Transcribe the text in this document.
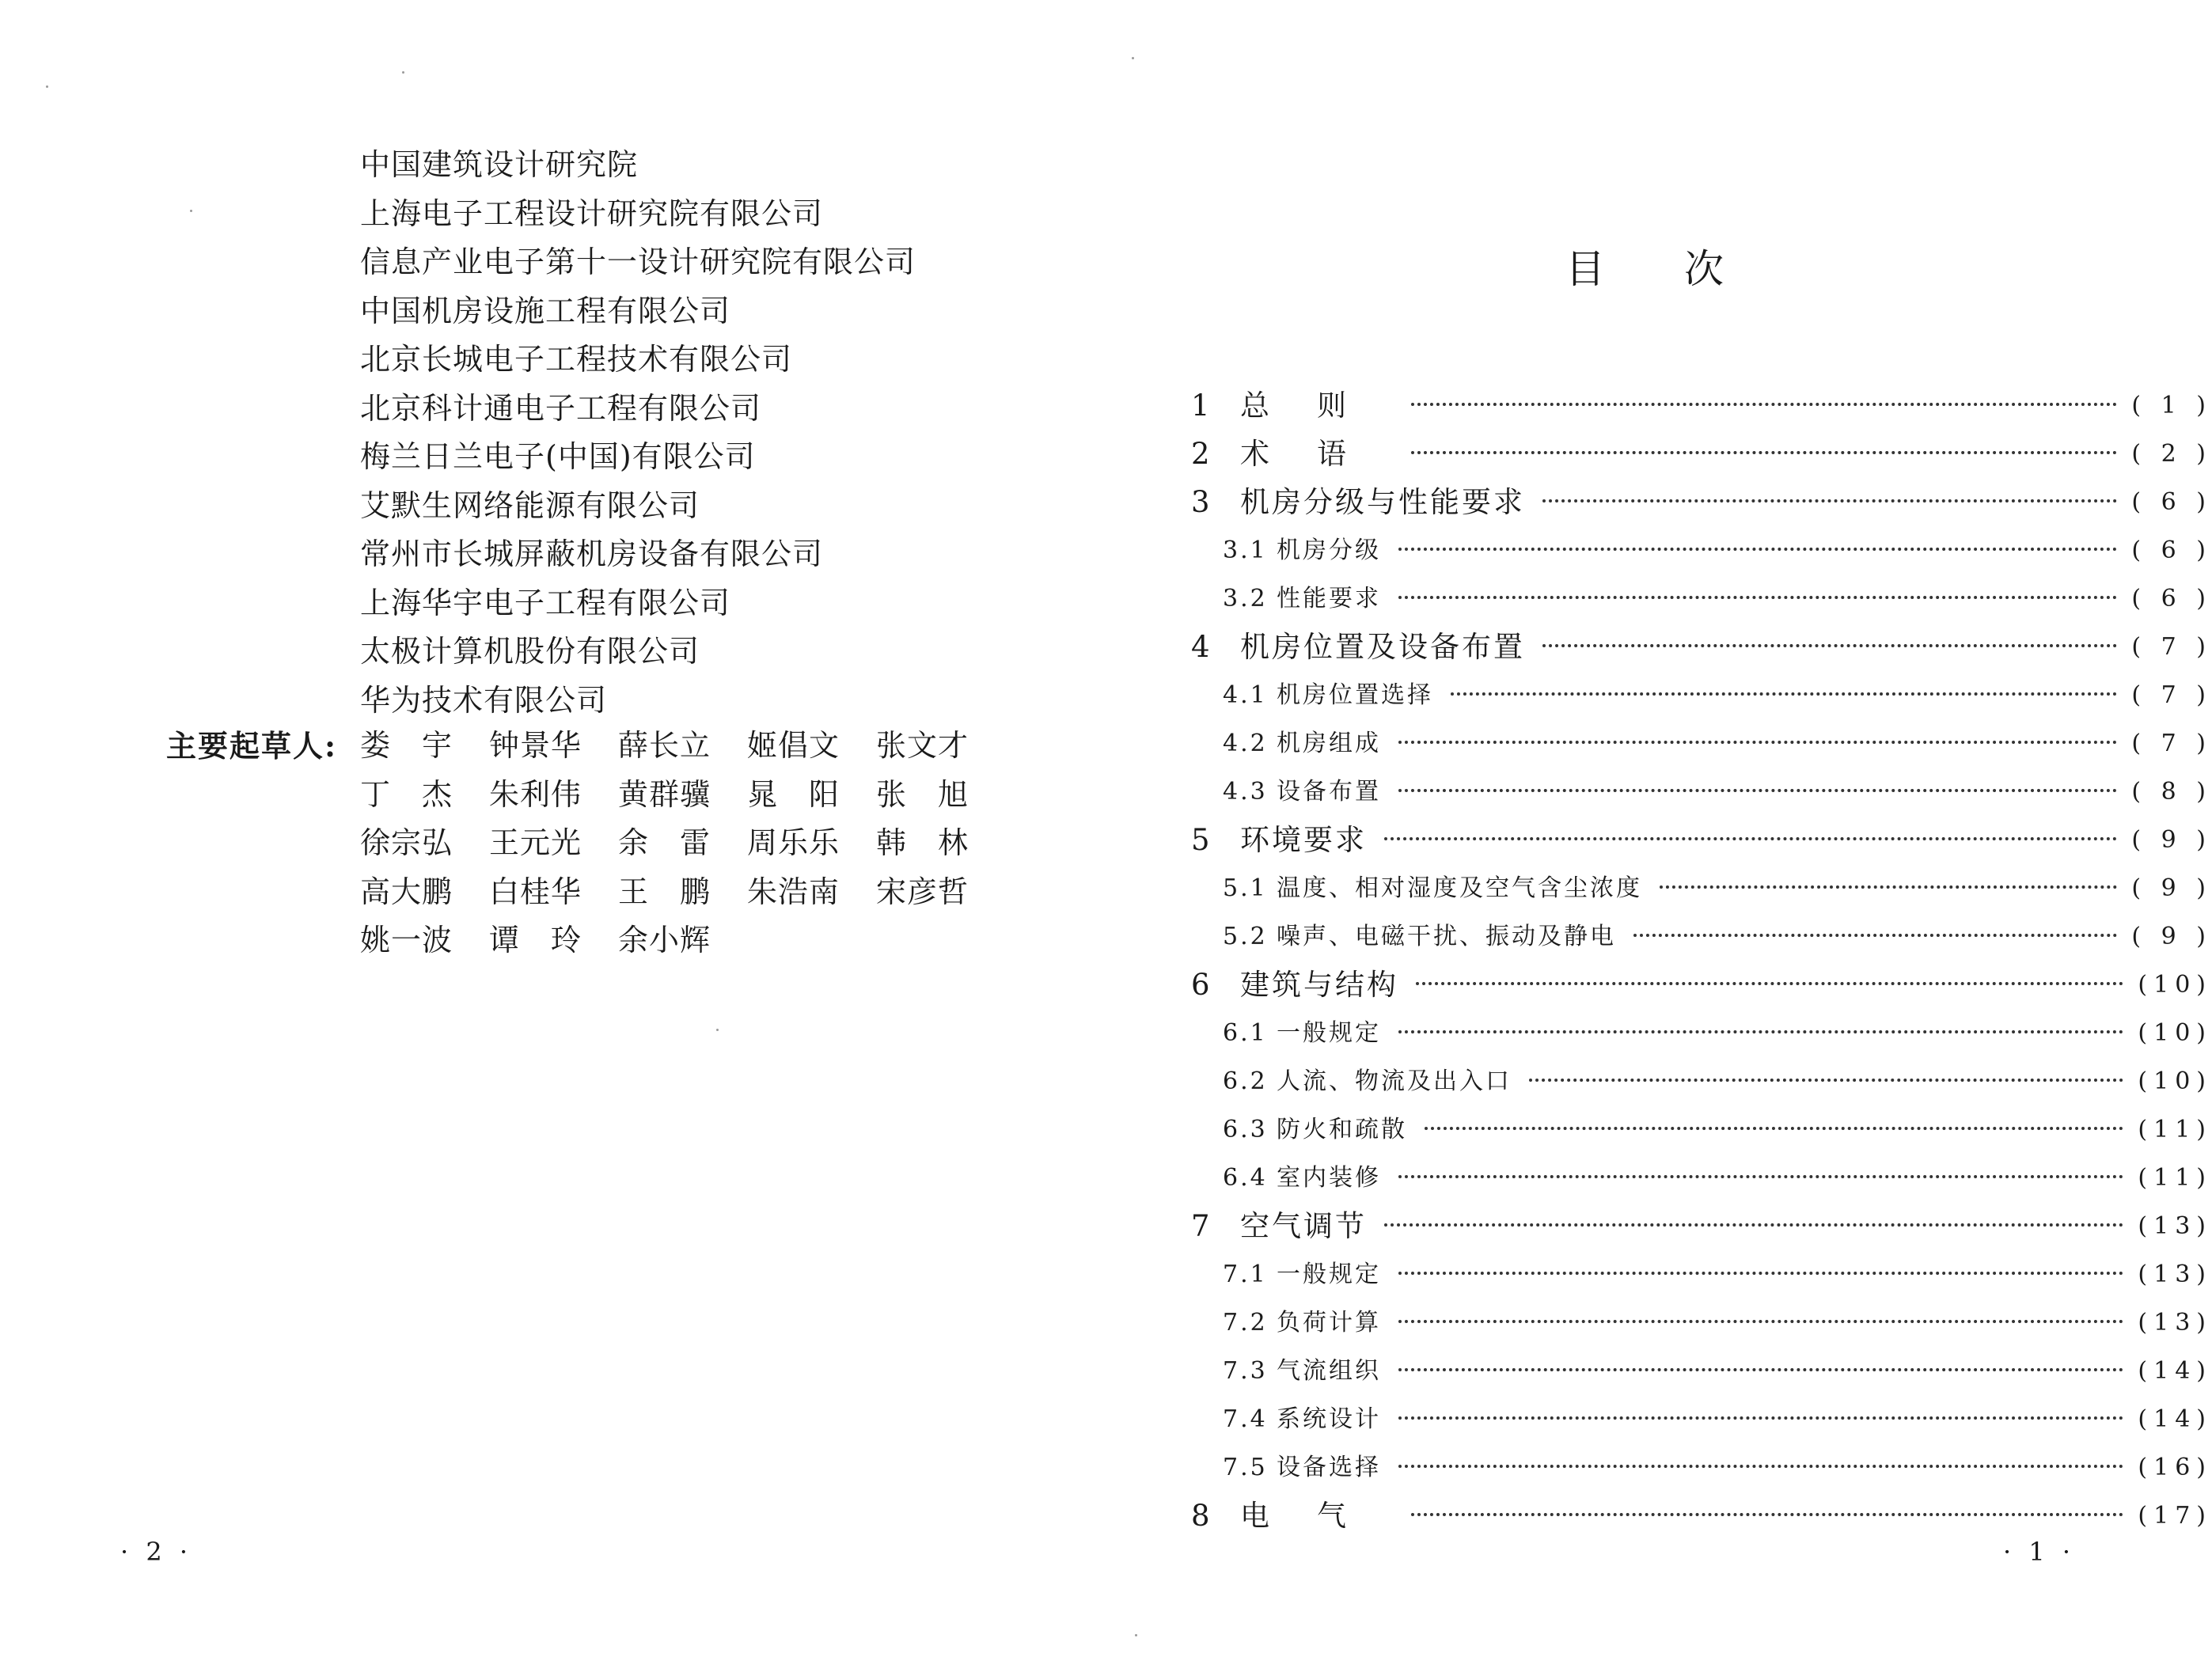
中国建筑设计研究院
上海电子工程设计研究院有限公司
信息产业电子第十一设计研究院有限公司
中国机房设施工程有限公司
北京长城电子工程技术有限公司
北京科计通电子工程有限公司
梅兰日兰电子(中国)有限公司
艾默生网络能源有限公司
常州市长城屏蔽机房设备有限公司
上海华宇电子工程有限公司
太极计算机股份有限公司
华为技术有限公司
主要起草人: 娄　宇 钟景华 薛长立 姬倡文 张文才
丁　杰 朱利伟 黄群骥 晁　阳 张　旭
徐宗弘 王元光 余　雷 周乐乐 韩　林
高大鹏 白桂华 王　鹏 朱浩南 宋彦哲
姚一波 谭　玲 余小辉
· 2 ·
目次
1 总则	( 1 )
2 术语	( 2 )
3 机房分级与性能要求	( 6 )
3.1 机房分级	( 6 )
3.2 性能要求	( 6 )
4 机房位置及设备布置	( 7 )
4.1 机房位置选择	( 7 )
4.2 机房组成	( 7 )
4.3 设备布置	( 8 )
5 环境要求	( 9 )
5.1 温度、相对湿度及空气含尘浓度	( 9 )
5.2 噪声、电磁干扰、振动及静电	( 9 )
6 建筑与结构	(10)
6.1 一般规定	(10)
6.2 人流、物流及出入口	(10)
6.3 防火和疏散	(11)
6.4 室内装修	(11)
7 空气调节	(13)
7.1 一般规定	(13)
7.2 负荷计算	(13)
7.3 气流组织	(14)
7.4 系统设计	(14)
7.5 设备选择	(16)
8 电气	(17)
· 1 ·
